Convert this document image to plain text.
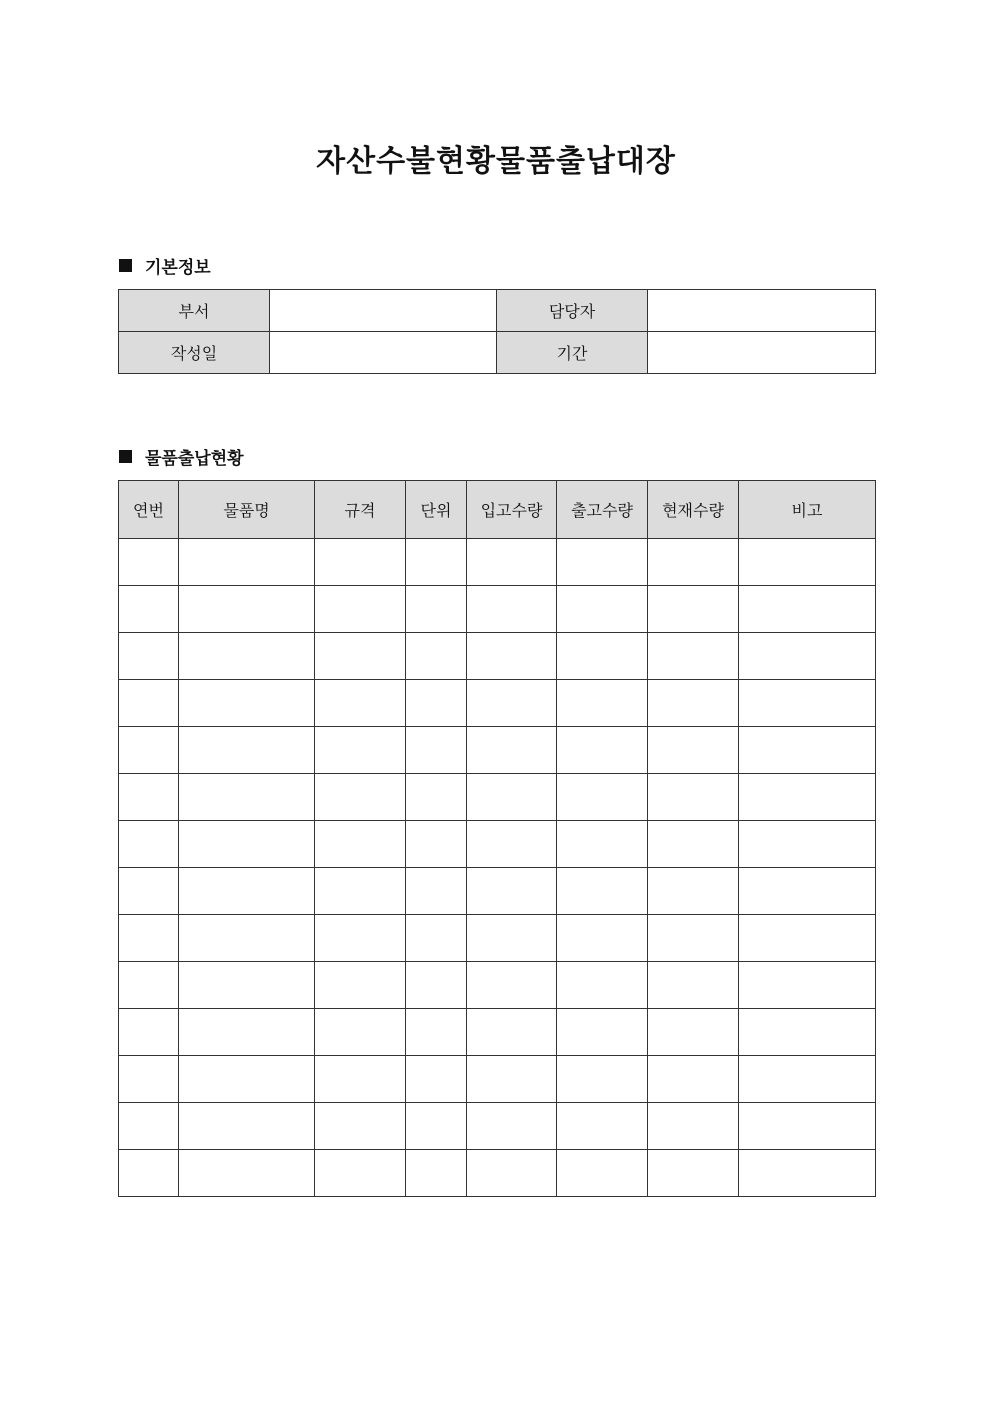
자산수불현황물품출납대장
기본정보
부서		담당자	
작성일		기간	
물품출납현황
연번	물품명	규격	단위	입고수량	출고수량	현재수량	비고
